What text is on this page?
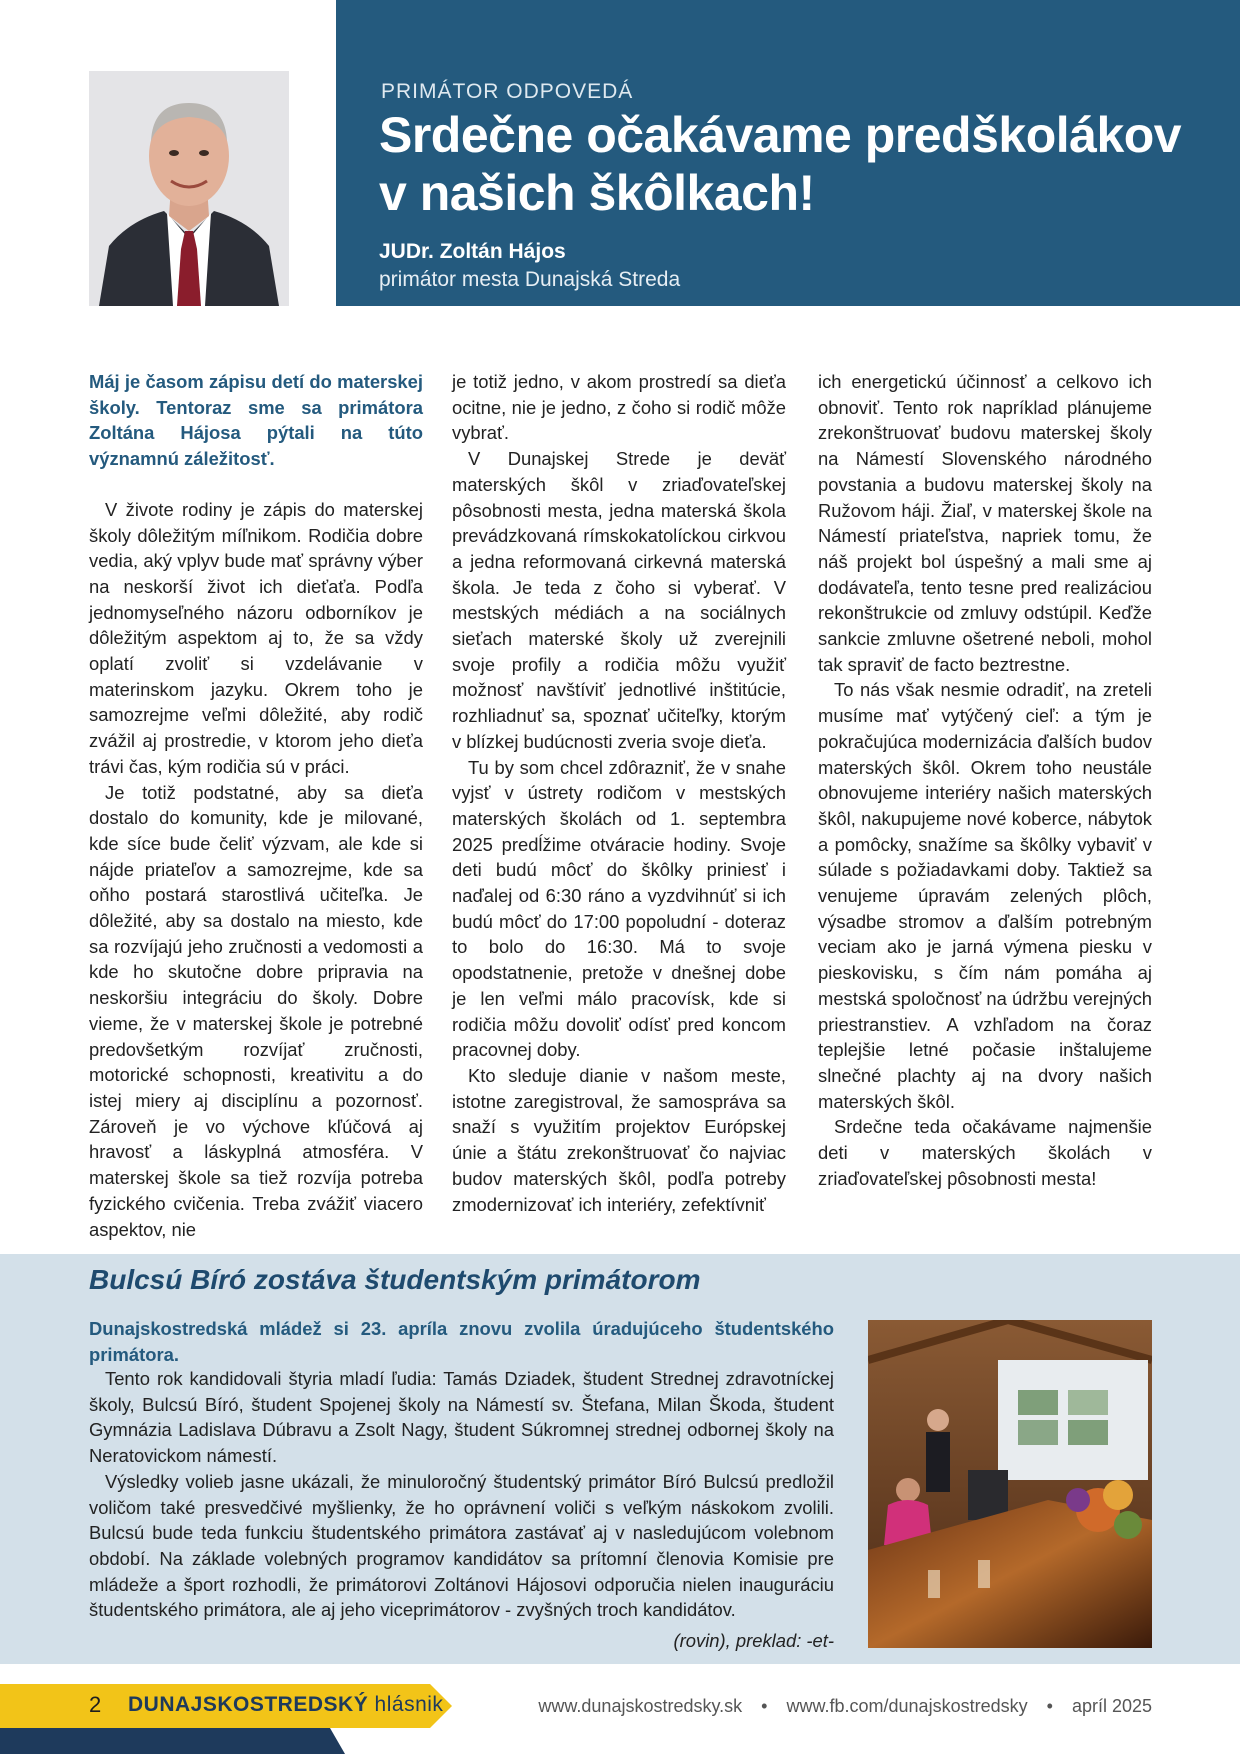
PRIMÁTOR ODPOVEDÁ
Srdečne očakávame predškolákov
v našich škôlkach!
JUDr. Zoltán Hájos
primátor mesta Dunajská Streda

Máj je časom zápisu detí do materskej školy. Tentoraz sme sa primátora Zoltána Hájosa pýtali na túto významnú záležitosť.

V živote rodiny je zápis do materskej školy dôležitým míľnikom. Rodičia dobre vedia, aký vplyv bude mať správny výber na neskorší život ich dieťaťa. Podľa jednomyseľného názoru odborníkov je dôležitým aspektom aj to, že sa vždy oplatí zvoliť si vzdelávanie v materinskom jazyku. Okrem toho je samozrejme veľmi dôležité, aby rodič zvážil aj prostredie, v ktorom jeho dieťa trávi čas, kým rodičia sú v práci.

Je totiž podstatné, aby sa dieťa dostalo do komunity, kde je milované, kde síce bude čeliť výzvam, ale kde si nájde priateľov a samozrejme, kde sa oňho postará starostlivá učiteľka. Je dôležité, aby sa dostalo na miesto, kde sa rozvíjajú jeho zručnosti a vedomosti a kde ho skutočne dobre pripravia na neskoršiu integráciu do školy. Dobre vieme, že v materskej škole je potrebné predovšetkým rozvíjať zručnosti, motorické schopnosti, kreativitu a do istej miery aj disciplínu a pozornosť. Zároveň je vo výchove kľúčová aj hravosť a láskyplná atmosféra. V materskej škole sa tiež rozvíja potreba fyzického cvičenia. Treba zvážiť viacero aspektov, nie

je totiž jedno, v akom prostredí sa dieťa ocitne, nie je jedno, z čoho si rodič môže vybrať.

V Dunajskej Strede je deväť materských škôl v zriaďovateľskej pôsobnosti mesta, jedna materská škola prevádzkovaná rímskokatolíckou cirkvou a jedna reformovaná cirkevná materská škola. Je teda z čoho si vyberať. V mestských médiách a na sociálnych sieťach materské školy už zverejnili svoje profily a rodičia môžu využiť možnosť navštíviť jednotlivé inštitúcie, rozhliadnuť sa, spoznať učiteľky, ktorým v blízkej budúcnosti zveria svoje dieťa.

Tu by som chcel zdôrazniť, že v snahe vyjsť v ústrety rodičom v mestských materských školách od 1. septembra 2025 predĺžime otváracie hodiny. Svoje deti budú môcť do škôlky priniesť i naďalej od 6:30 ráno a vyzdvihnúť si ich budú môcť do 17:00 popoludní - doteraz to bolo do 16:30. Má to svoje opodstatnenie, pretože v dnešnej dobe je len veľmi málo pracovísk, kde si rodičia môžu dovoliť odísť pred koncom pracovnej doby.

Kto sleduje dianie v našom meste, istotne zaregistroval, že samospráva sa snaží s využitím projektov Európskej únie a štátu zrekonštruovať čo najviac budov materských škôl, podľa potreby zmodernizovať ich interiéry, zefektívniť

ich energetickú účinnosť a celkovo ich obnoviť. Tento rok napríklad plánujeme zrekonštruovať budovu materskej školy na Námestí Slovenského národného povstania a budovu materskej školy na Ružovom háji. Žiaľ, v materskej škole na Námestí priateľstva, napriek tomu, že náš projekt bol úspešný a mali sme aj dodávateľa, tento tesne pred realizáciou rekonštrukcie od zmluvy odstúpil. Keďže sankcie zmluvne ošetrené neboli, mohol tak spraviť de facto beztrestne.

To nás však nesmie odradiť, na zreteli musíme mať vytýčený cieľ: a tým je pokračujúca modernizácia ďalších budov materských škôl. Okrem toho neustále obnovujeme interiéry našich materských škôl, nakupujeme nové koberce, nábytok a pomôcky, snažíme sa škôlky vybaviť v súlade s požiadavkami doby. Taktiež sa venujeme úpravám zelených plôch, výsadbe stromov a ďalším potrebným veciam ako je jarná výmena piesku v pieskovisku, s čím nám pomáha aj mestská spoločnosť na údržbu verejných priestranstiev. A vzhľadom na čoraz teplejšie letné počasie inštalujeme slnečné plachty aj na dvory našich materských škôl.

Srdečne teda očakávame najmenšie deti v materských školách v zriaďovateľskej pôsobnosti mesta!

Bulcsú Bíró zostáva študentským primátorom
Dunajskostredská mládež si 23. apríla znovu zvolila úradujúceho študentského primátora.

Tento rok kandidovali štyria mladí ľudia: Tamás Dziadek, študent Strednej zdravotníckej školy, Bulcsú Bíró, študent Spojenej školy na Námestí sv. Štefana, Milan Škoda, študent Gymnázia Ladislava Dúbravu a Zsolt Nagy, študent Súkromnej strednej odbornej školy na Neratovickom námestí.

Výsledky volieb jasne ukázali, že minuloročný študentský primátor Bíró Bulcsú predložil voličom také presvedčivé myšlienky, že ho oprávnení voliči s veľkým náskokom zvolili. Bulcsú bude teda funkciu študentského primátora zastávať aj v nasledujúcom volebnom období. Na základe volebných programov kandidátov sa prítomní členovia Komisie pre mládeže a šport rozhodli, že primátorovi Zoltánovi Hájosovi odporučia nielen inauguráciu študentského primátora, ale aj jeho viceprimátorov - zvyšných troch kandidátov.

(rovin), preklad: -et-
2 DUNAJSKOSTREDSKÝ hlásnik	www.dunajskostredsky.sk • www.fb.com/dunajskostredsky • apríl 2025
